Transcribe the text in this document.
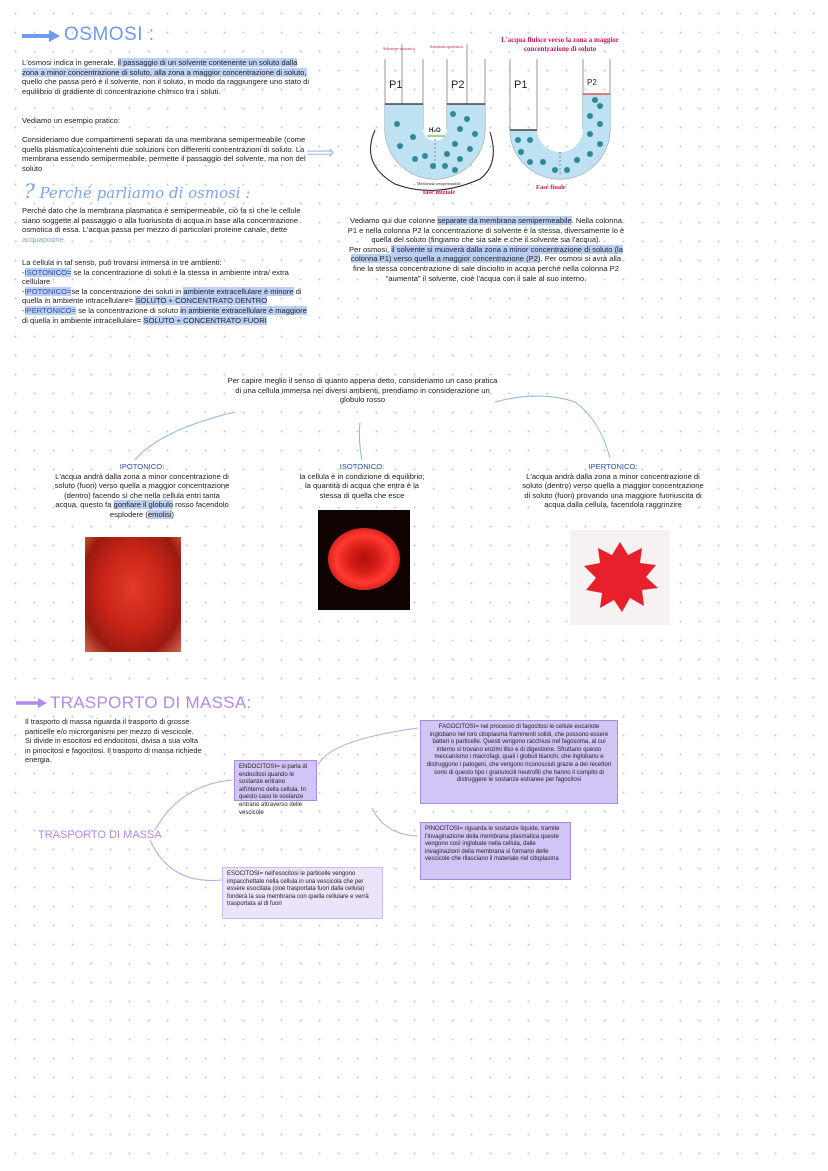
OSMOSI :
L'osmosi indica in generale, il passaggio di un solvente contenente un soluto dalla zona a minor concentrazione di soluto, alla zona a maggior concentrazione di soluto, quello che passa però è il solvente, non il soluto, in modo da raggiungere uno stato di equilibrio di gradiente di concentrazione chimico tra i soluti.
Vediamo un esempio pratico:
Consideriamo due compartimenti separati da una membrana semipermeabile (come quella plasmatica)contenenti due soluzioni con differenti concentrazioni di soluto. La membrana essendo semipermeabile, permette il passaggio del solvente, ma non del soluto
⟹
Soluzione ipotonica	Soluzione ipertonica
L'acqua fluisce verso la zona a maggior concentrazione di soluto
P1	P2	P1	P2
H₂O
Membrana semipermeabile
fase iniziale
Fase finale
? Perché parliamo di osmosi :
Perché dato che la membrana plasmatica è semipermeabile, ciò fa sì che le cellule siano soggette al passaggio o alla fuoriuscita di acqua in base alla concentrazione osmotica di essa. L'acqua passa per mezzo di particolari proteine canale, dette acquaporine.
La cellula in tal senso, può trovarsi immersa in tre ambienti:
-ISOTONICO= se la concentrazione di soluti è la stessa in ambiente intra/ extra cellulare
-IPOTONICO=se la concentrazione dei soluti in ambiente extracellulare è minore di quella in ambiente intracellulare= SOLUTO + CONCENTRATO DENTRO
-IPERTONICO= se la concentrazione di soluto in ambiente extracellulare è maggiore di quella in ambiente intracellulare= SOLUTO + CONCENTRATO FUORI
Vediamo qui due colonne separate da membrana semipermeabile. Nella colonna P1 e nella colonna P2 la concentrazione di solvente è la stessa, diversamente lo è quella del soluto (fingiamo che sia sale e che il solvente sia l'acqua).
Per osmosi, il solvente si muoverà dalla zona a minor concentrazione di soluto (la colonna P1) verso quella a maggior concentrazione (P2). Per osmosi si avrà alla fine la stessa concentrazione di sale disciolto in acqua perché nella colonna P2 "aumenta" il solvente, cioè l'acqua con il sale al suo interno.
Per capire meglio il senso di quanto appena detto, consideriamo un caso pratica di una cellula immersa nei diversi ambienti, prendiamo in considerazione un globulo rosso
IPOTONICO:
L'acqua andrà dalla zona a minor concentrazione di soluto (fuori) verso quella a maggior concentrazione (dentro) facendo sì che nella cellula entri tanta acqua, questo fa gonfiare il globulo rosso facendolo esplodere (emolisi)
ISOTONICO:
la cellula è in condizione di equilibrio; la quantità di acqua che entra è la stessa di quella che esce
IPERTONICO:
L'acqua andrà dalla zona a minor concentrazione di soluto (dentro) verso quella a maggior concentrazione di soluto (fuori) provando una maggiore fuoriuscita di acqua dalla cellula, facendola raggrinzire
TRASPORTO DI MASSA:
Il trasporto di massa riguarda il trasporto di grosse particelle e/o microrganismi per mezzo di vescicole.
Si divide in esocitosi ed endocitosi, divisa a sua volta in pinocitosi e fagocitosi. Il trasporto di massa richiede energia.
TRASPORTO DI MASSA
ENDOCITOSI= si parla di endocitosi quando le sostanze entrano all'interno della cellula. In questo caso le sostanze entrano attraverso delle vescicole
FAGOCITOSI= nel processo di fagocitosi le cellule eucariote inglobano nel loro citoplasma frammenti solidi, che possono essere batteri o particelle. Questi vengono racchiusi nel fagosoma, al cui interno si trovano enzimi litici e di digestione. Sfruttano questo meccanismo i macrofagi, quali i globuli bianchi, che inglobano e distruggono i patogeni, che vengono riconosciuti grazie a dei recettori
sono di questo tipo i granulociti neutrofili che hanno il compito di distruggere le sostanze estranee per fagocitosi
PINOCITOSI= riguarda le sostanze liquide, tramite l'invaginazione della membrana plasmatica queste vengono così inglobate nella cellula, dalle invaginazioni della membrana si formano delle vescicole che rilasciano il materiale nel citoplasma
ESOCITOSI= nell'esocitosi le particelle vengono impacchettate nella cellula in una vescicola che per essere esocitata (cioè trasportata fuori dalla cellula) fonderà la sua membrana con quella cellulare e verrà trasportata al di fuori
